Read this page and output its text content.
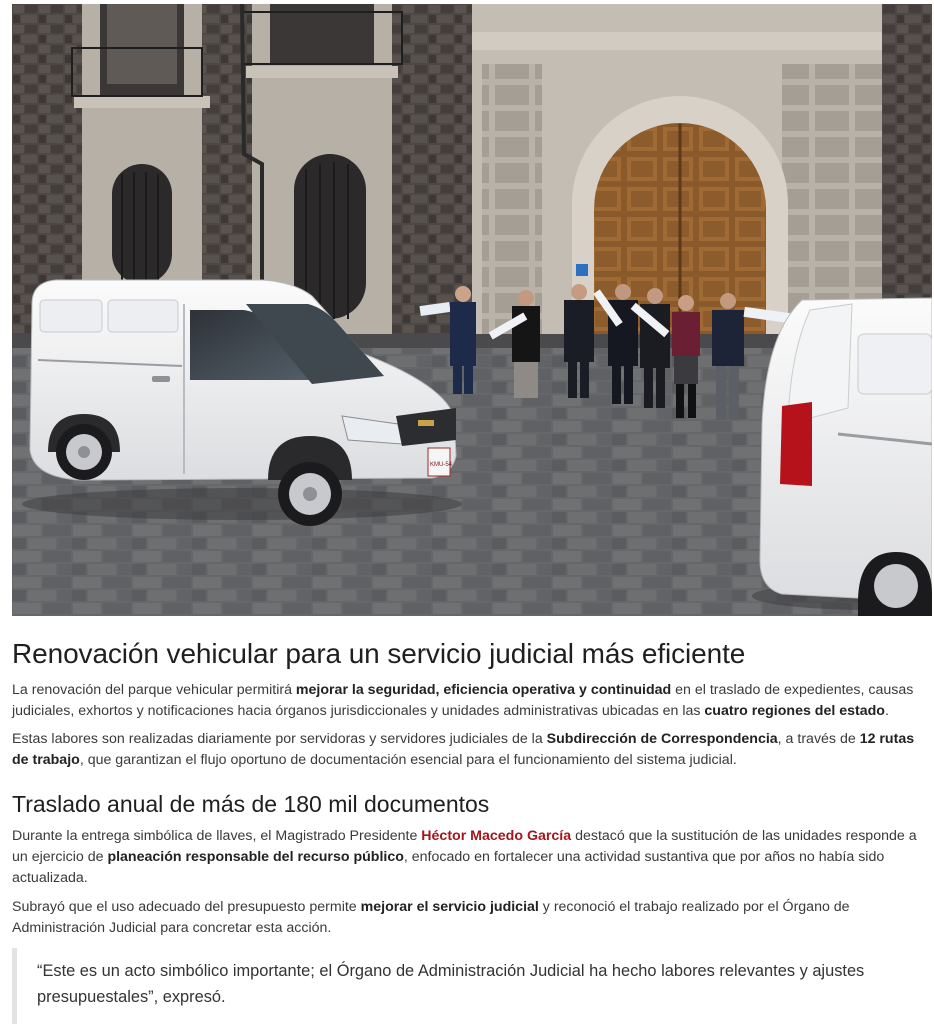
KMU-54
Renovación vehicular para un servicio judicial más eficiente

La renovación del parque vehicular permitirá mejorar la seguridad, eficiencia operativa y continuidad en el traslado de expedientes, causas judiciales, exhortos y notificaciones hacia órganos jurisdiccionales y unidades administrativas ubicadas en las cuatro regiones del estado.

Estas labores son realizadas diariamente por servidoras y servidores judiciales de la Subdirección de Correspondencia, a través de 12 rutas de trabajo, que garantizan el flujo oportuno de documentación esencial para el funcionamiento del sistema judicial.

Traslado anual de más de 180 mil documentos

Durante la entrega simbólica de llaves, el Magistrado Presidente Héctor Macedo García destacó que la sustitución de las unidades responde a un ejercicio de planeación responsable del recurso público, enfocado en fortalecer una actividad sustantiva que por años no había sido actualizada.

Subrayó que el uso adecuado del presupuesto permite mejorar el servicio judicial y reconoció el trabajo realizado por el Órgano de Administración Judicial para concretar esta acción.

“Este es un acto simbólico importante; el Órgano de Administración Judicial ha hecho labores relevantes y ajustes presupuestales”, expresó.
